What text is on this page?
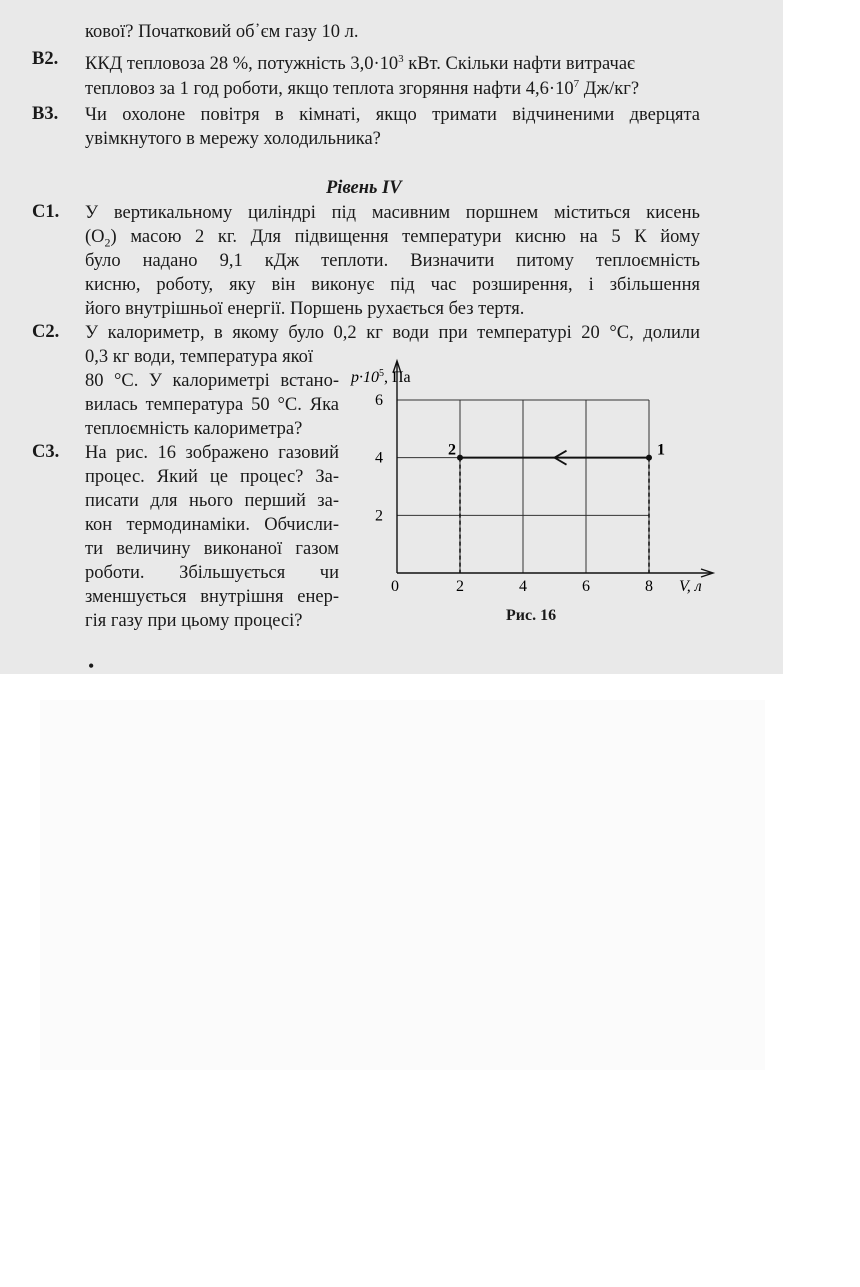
кової? Початковий об᾽єм газу 10 л.
B2. ККД тепловоза 28 %, потужність $3,0\cdot 10^3$ кВт. Скільки нафти витрачає
тепловоз за 1 год роботи, якщо теплота згоряння нафти $4,6\cdot 10^7$ Дж/кг?
B3. Чи охолоне повітря в кімнаті, якщо тримати відчиненими дверцята
увімкнутого в мережу холодильника?
Рівень IV
C1. У вертикальному циліндрі під масивним поршнем міститься кисень
$(O_2)$ масою 2 кг. Для підвищення температури кисню на 5 К йому
було надано 9,1 кДж теплоти. Визначити питому теплоємність
кисню, роботу, яку він виконує під час розширення, і збільшення
його внутрішньої енергії. Поршень рухається без тертя.
C2. У калориметр, в якому було 0,2 кг води при температурі 20 °С, долили
0,3 кг води, температура якої
80 °С. У калориметрі встано-
вилась температура 50 °С. Яка
теплоємність калориметра?
C3. На рис. 16 зображено газовий
процес. Який це процес? За-
писати для нього перший за-
кон термодинаміки. Обчисли-
ти величину виконаної газом
роботи. Збільшується чи
зменшується внутрішня енер-
гія газу при цьому процесі?
2	4	6	8
2
4
6
1
2
$p\cdot 10^5$, Па
V, л
0
Рис. 16
•
